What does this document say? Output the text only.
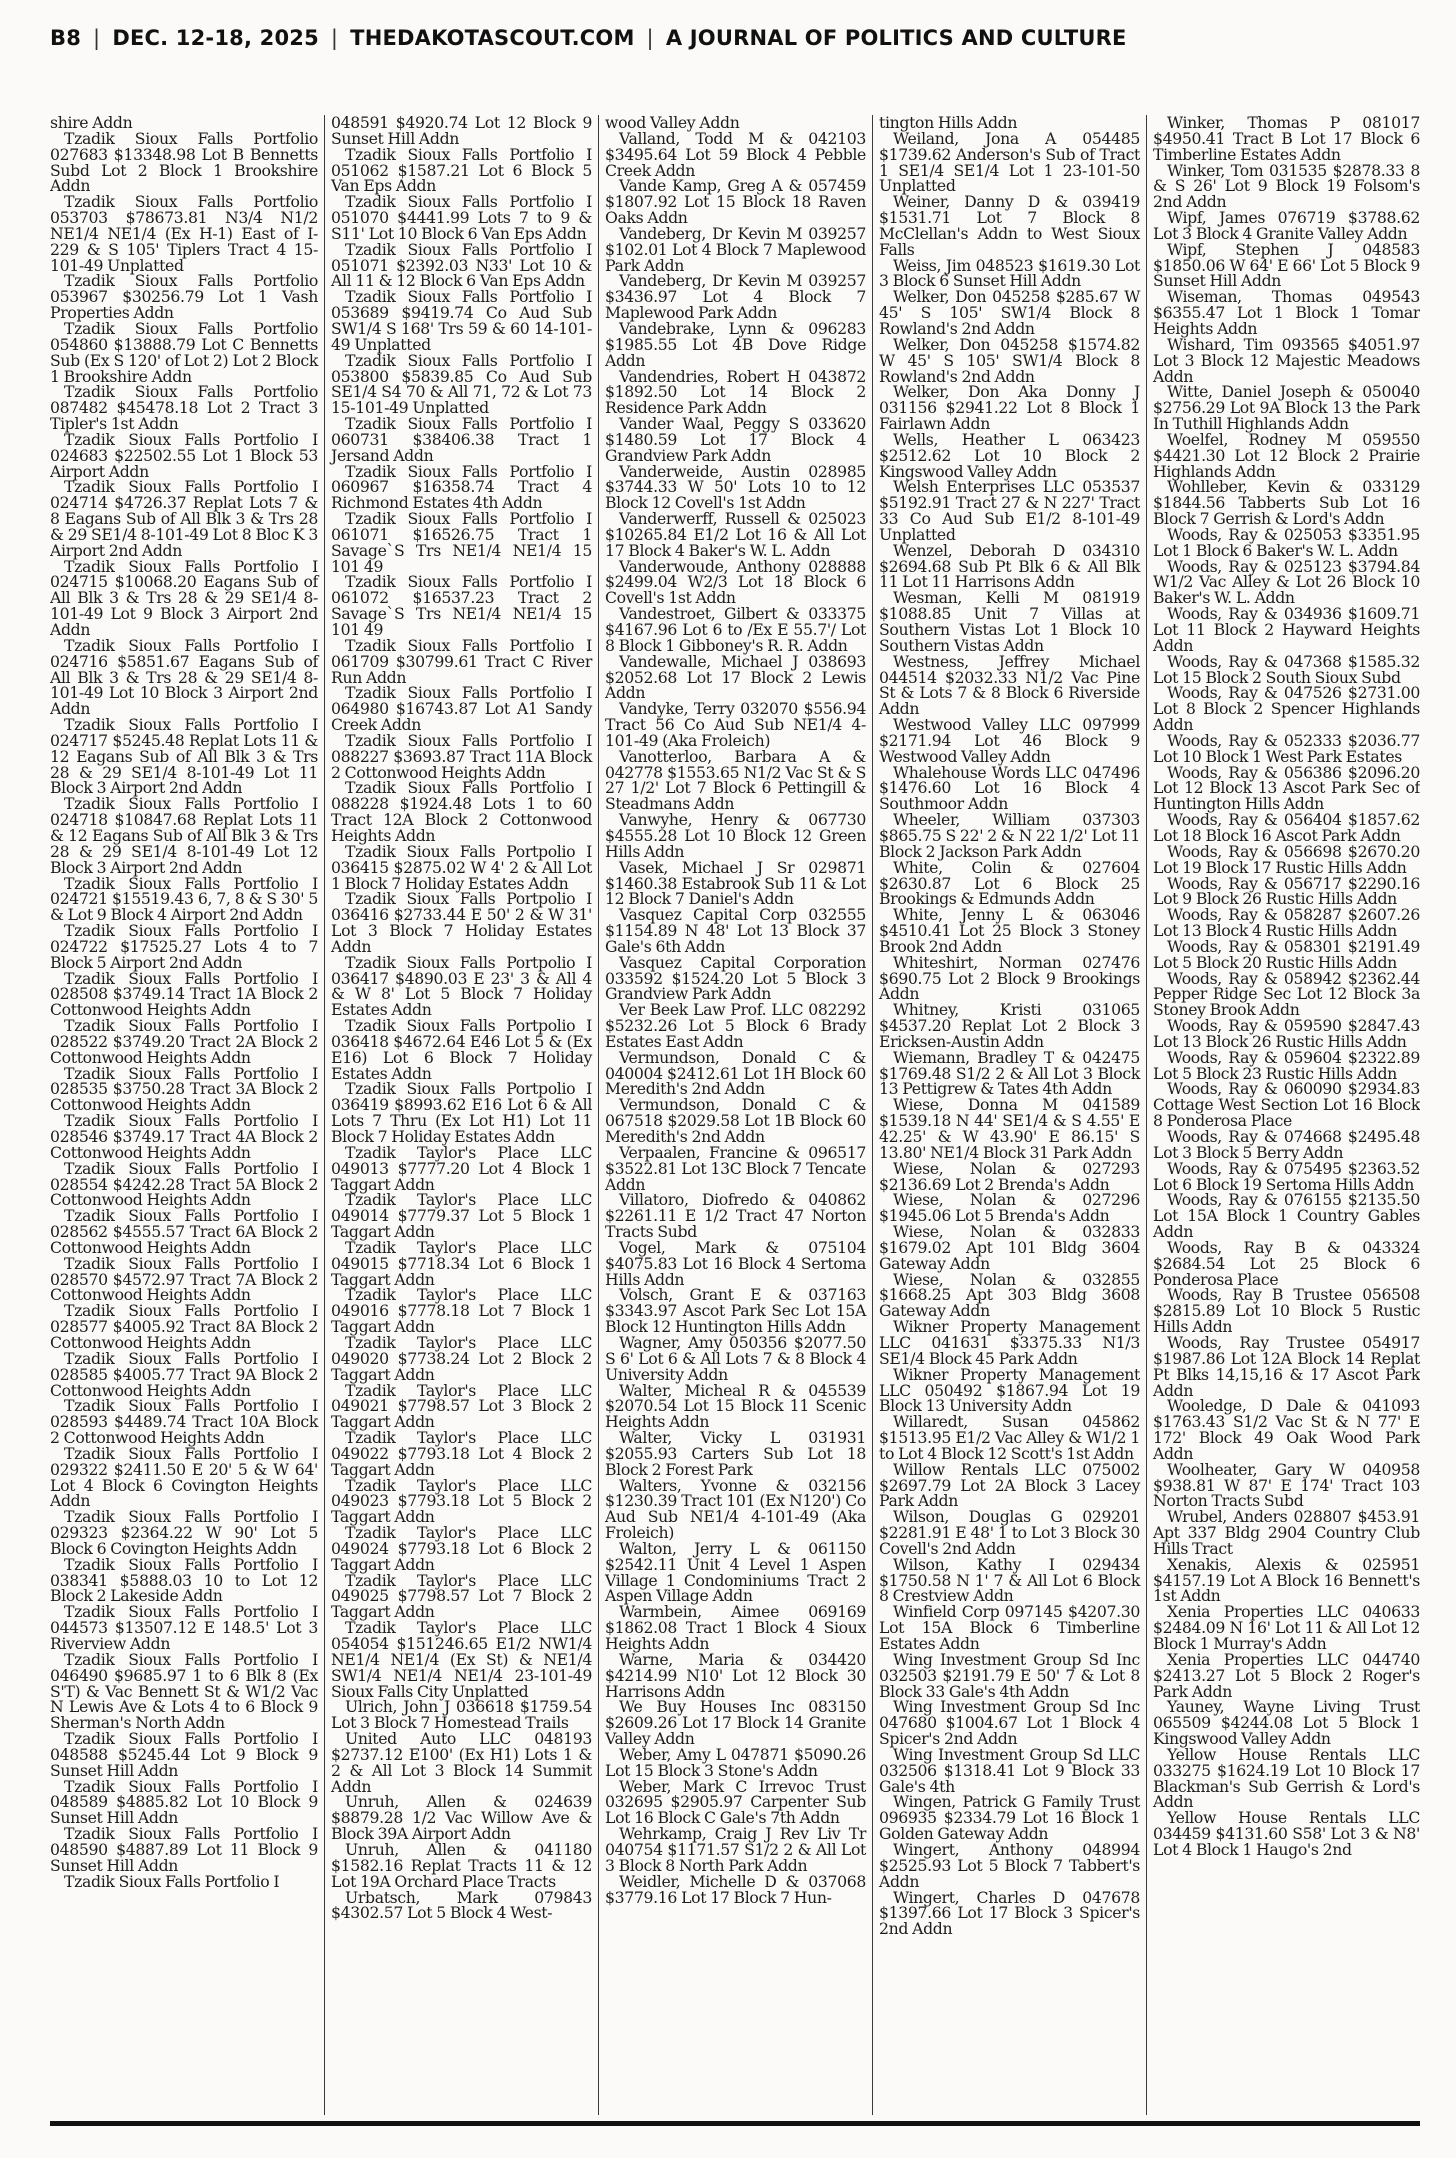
B8 | DEC. 12-18, 2025 | THEDAKOTASCOUT.COM | A JOURNAL OF POLITICS AND CULTURE

shire Addn

Tzadik Sioux Falls Portfolio 027683 $13348.98 Lot B Bennetts Subd Lot 2 Block 1 Brookshire Addn

Tzadik Sioux Falls Portfolio 053703 $78673.81 N3/4 N1/2 NE1/4 NE1/4 (Ex H-1) East of I-229 & S 105' Tiplers Tract 4 15-101-49 Unplatted

Tzadik Sioux Falls Portfolio 053967 $30256.79 Lot 1 Vash Properties Addn

Tzadik Sioux Falls Portfolio 054860 $13888.79 Lot C Bennetts Sub (Ex S 120' of Lot 2) Lot 2 Block 1 Brookshire Addn

Tzadik Sioux Falls Portfolio 087482 $45478.18 Lot 2 Tract 3 Tipler's 1st Addn

Tzadik Sioux Falls Portfolio I 024683 $22502.55 Lot 1 Block 53 Airport Addn

Tzadik Sioux Falls Portfolio I 024714 $4726.37 Replat Lots 7 & 8 Eagans Sub of All Blk 3 & Trs 28 & 29 SE1/4 8-101-49 Lot 8 Bloc K 3 Airport 2nd Addn

Tzadik Sioux Falls Portfolio I 024715 $10068.20 Eagans Sub of All Blk 3 & Trs 28 & 29 SE1/4 8-101-49 Lot 9 Block 3 Airport 2nd Addn

Tzadik Sioux Falls Portfolio I 024716 $5851.67 Eagans Sub of All Blk 3 & Trs 28 & 29 SE1/4 8-101-49 Lot 10 Block 3 Airport 2nd Addn

Tzadik Sioux Falls Portfolio I 024717 $5245.48 Replat Lots 11 & 12 Eagans Sub of All Blk 3 & Trs 28 & 29 SE1/4 8-101-49 Lot 11 Block 3 Airport 2nd Addn

Tzadik Sioux Falls Portfolio I 024718 $10847.68 Replat Lots 11 & 12 Eagans Sub of All Blk 3 & Trs 28 & 29 SE1/4 8-101-49 Lot 12 Block 3 Airport 2nd Addn

Tzadik Sioux Falls Portfolio I 024721 $15519.43 6, 7, 8 & S 30' 5 & Lot 9 Block 4 Airport 2nd Addn

Tzadik Sioux Falls Portfolio I 024722 $17525.27 Lots 4 to 7 Block 5 Airport 2nd Addn

Tzadik Sioux Falls Portfolio I 028508 $3749.14 Tract 1A Block 2 Cottonwood Heights Addn

Tzadik Sioux Falls Portfolio I 028522 $3749.20 Tract 2A Block 2 Cottonwood Heights Addn

Tzadik Sioux Falls Portfolio I 028535 $3750.28 Tract 3A Block 2 Cottonwood Heights Addn

Tzadik Sioux Falls Portfolio I 028546 $3749.17 Tract 4A Block 2 Cottonwood Heights Addn

Tzadik Sioux Falls Portfolio I 028554 $4242.28 Tract 5A Block 2 Cottonwood Heights Addn

Tzadik Sioux Falls Portfolio I 028562 $4555.57 Tract 6A Block 2 Cottonwood Heights Addn

Tzadik Sioux Falls Portfolio I 028570 $4572.97 Tract 7A Block 2 Cottonwood Heights Addn

Tzadik Sioux Falls Portfolio I 028577 $4005.92 Tract 8A Block 2 Cottonwood Heights Addn

Tzadik Sioux Falls Portfolio I 028585 $4005.77 Tract 9A Block 2 Cottonwood Heights Addn

Tzadik Sioux Falls Portfolio I 028593 $4489.74 Tract 10A Block 2 Cottonwood Heights Addn

Tzadik Sioux Falls Portfolio I 029322 $2411.50 E 20' 5 & W 64' Lot 4 Block 6 Covington Heights Addn

Tzadik Sioux Falls Portfolio I 029323 $2364.22 W 90' Lot 5 Block 6 Covington Heights Addn

Tzadik Sioux Falls Portfolio I 038341 $5888.03 10 to Lot 12 Block 2 Lakeside Addn

Tzadik Sioux Falls Portfolio I 044573 $13507.12 E 148.5' Lot 3 Riverview Addn

Tzadik Sioux Falls Portfolio I 046490 $9685.97 1 to 6 Blk 8 (Ex S'T) & Vac Bennett St & W1/2 Vac N Lewis Ave & Lots 4 to 6 Block 9 Sherman's North Addn

Tzadik Sioux Falls Portfolio I 048588 $5245.44 Lot 9 Block 9 Sunset Hill Addn

Tzadik Sioux Falls Portfolio I 048589 $4885.82 Lot 10 Block 9 Sunset Hill Addn

Tzadik Sioux Falls Portfolio I 048590 $4887.89 Lot 11 Block 9 Sunset Hill Addn

Tzadik Sioux Falls Portfolio I

048591 $4920.74 Lot 12 Block 9 Sunset Hill Addn

Tzadik Sioux Falls Portfolio I 051062 $1587.21 Lot 6 Block 5 Van Eps Addn

Tzadik Sioux Falls Portfolio I 051070 $4441.99 Lots 7 to 9 & S11' Lot 10 Block 6 Van Eps Addn

Tzadik Sioux Falls Portfolio I 051071 $2392.03 N33' Lot 10 & All 11 & 12 Block 6 Van Eps Addn

Tzadik Sioux Falls Portfolio I 053689 $9419.74 Co Aud Sub SW1/4 S 168' Trs 59 & 60 14-101-49 Unplatted

Tzadik Sioux Falls Portfolio I 053800 $5839.85 Co Aud Sub SE1/4 S4 70 & All 71, 72 & Lot 73 15-101-49 Unplatted

Tzadik Sioux Falls Portfolio I 060731 $38406.38 Tract 1 Jersand Addn

Tzadik Sioux Falls Portfolio I 060967 $16358.74 Tract 4 Richmond Estates 4th Addn

Tzadik Sioux Falls Portfolio I 061071 $16526.75 Tract 1 Savage`S Trs NE1/4 NE1/4 15 101 49

Tzadik Sioux Falls Portfolio I 061072 $16537.23 Tract 2 Savage`S Trs NE1/4 NE1/4 15 101 49

Tzadik Sioux Falls Portfolio I 061709 $30799.61 Tract C River Run Addn

Tzadik Sioux Falls Portfolio I 064980 $16743.87 Lot A1 Sandy Creek Addn

Tzadik Sioux Falls Portfolio I 088227 $3693.87 Tract 11A Block 2 Cottonwood Heights Addn

Tzadik Sioux Falls Portfolio I 088228 $1924.48 Lots 1 to 60 Tract 12A Block 2 Cottonwood Heights Addn

Tzadik Sioux Falls Portpolio I 036415 $2875.02 W 4' 2 & All Lot 1 Block 7 Holiday Estates Addn

Tzadik Sioux Falls Portpolio I 036416 $2733.44 E 50' 2 & W 31' Lot 3 Block 7 Holiday Estates Addn

Tzadik Sioux Falls Portpolio I 036417 $4890.03 E 23' 3 & All 4 & W 8' Lot 5 Block 7 Holiday Estates Addn

Tzadik Sioux Falls Portpolio I 036418 $4672.64 E46 Lot 5 & (Ex E16) Lot 6 Block 7 Holiday Estates Addn

Tzadik Sioux Falls Portpolio I 036419 $8993.62 E16 Lot 6 & All Lots 7 Thru (Ex Lot H1) Lot 11 Block 7 Holiday Estates Addn

Tzadik Taylor's Place LLC 049013 $7777.20 Lot 4 Block 1 Taggart Addn

Tzadik Taylor's Place LLC 049014 $7779.37 Lot 5 Block 1 Taggart Addn

Tzadik Taylor's Place LLC 049015 $7718.34 Lot 6 Block 1 Taggart Addn

Tzadik Taylor's Place LLC 049016 $7778.18 Lot 7 Block 1 Taggart Addn

Tzadik Taylor's Place LLC 049020 $7738.24 Lot 2 Block 2 Taggart Addn

Tzadik Taylor's Place LLC 049021 $7798.57 Lot 3 Block 2 Taggart Addn

Tzadik Taylor's Place LLC 049022 $7793.18 Lot 4 Block 2 Taggart Addn

Tzadik Taylor's Place LLC 049023 $7793.18 Lot 5 Block 2 Taggart Addn

Tzadik Taylor's Place LLC 049024 $7793.18 Lot 6 Block 2 Taggart Addn

Tzadik Taylor's Place LLC 049025 $7798.57 Lot 7 Block 2 Taggart Addn

Tzadik Taylor's Place LLC 054054 $151246.65 E1/2 NW1/4 NE1/4 NE1/4 (Ex St) & NE1/4 SW1/4 NE1/4 NE1/4 23-101-49 Sioux Falls City Unplatted

Ulrich, John J 036618 $1759.54 Lot 3 Block 7 Homestead Trails

United Auto LLC 048193 $2737.12 E100' (Ex H1) Lots 1 & 2 & All Lot 3 Block 14 Summit Addn

Unruh, Allen & 024639 $8879.28 1/2 Vac Willow Ave & Block 39A Airport Addn

Unruh, Allen & 041180 $1582.16 Replat Tracts 11 & 12 Lot 19A Orchard Place Tracts

Urbatsch, Mark 079843 $4302.57 Lot 5 Block 4 West-

wood Valley Addn

Valland, Todd M & 042103 $3495.64 Lot 59 Block 4 Pebble Creek Addn

Vande Kamp, Greg A & 057459 $1807.92 Lot 15 Block 18 Raven Oaks Addn

Vandeberg, Dr Kevin M 039257 $102.01 Lot 4 Block 7 Maplewood Park Addn

Vandeberg, Dr Kevin M 039257 $3436.97 Lot 4 Block 7 Maplewood Park Addn

Vandebrake, Lynn & 096283 $1985.55 Lot 4B Dove Ridge Addn

Vandendries, Robert H 043872 $1892.50 Lot 14 Block 2 Residence Park Addn

Vander Waal, Peggy S 033620 $1480.59 Lot 17 Block 4 Grandview Park Addn

Vanderweide, Austin 028985 $3744.33 W 50' Lots 10 to 12 Block 12 Covell's 1st Addn

Vanderwerff, Russell & 025023 $10265.84 E1/2 Lot 16 & All Lot 17 Block 4 Baker's W. L. Addn

Vanderwoude, Anthony 028888 $2499.04 W2/3 Lot 18 Block 6 Covell's 1st Addn

Vandestroet, Gilbert & 033375 $4167.96 Lot 6 to /Ex E 55.7'/ Lot 8 Block 1 Gibboney's R. R. Addn

Vandewalle, Michael J 038693 $2052.68 Lot 17 Block 2 Lewis Addn

Vandyke, Terry 032070 $556.94 Tract 56 Co Aud Sub NE1/4 4-101-49 (Aka Froleich)

Vanotterloo, Barbara A & 042778 $1553.65 N1/2 Vac St & S 27 1/2' Lot 7 Block 6 Pettingill & Steadmans Addn

Vanwyhe, Henry & 067730 $4555.28 Lot 10 Block 12 Green Hills Addn

Vasek, Michael J Sr 029871 $1460.38 Estabrook Sub 11 & Lot 12 Block 7 Daniel's Addn

Vasquez Capital Corp 032555 $1154.89 N 48' Lot 13 Block 37 Gale's 6th Addn

Vasquez Capital Corporation 033592 $1524.20 Lot 5 Block 3 Grandview Park Addn

Ver Beek Law Prof. LLC 082292 $5232.26 Lot 5 Block 6 Brady Estates East Addn

Vermundson, Donald C & 040004 $2412.61 Lot 1H Block 60 Meredith's 2nd Addn

Vermundson, Donald C & 067518 $2029.58 Lot 1B Block 60 Meredith's 2nd Addn

Verpaalen, Francine & 096517 $3522.81 Lot 13C Block 7 Tencate Addn

Villatoro, Diofredo & 040862 $2261.11 E 1/2 Tract 47 Norton Tracts Subd

Vogel, Mark & 075104 $4075.83 Lot 16 Block 4 Sertoma Hills Addn

Volsch, Grant E & 037163 $3343.97 Ascot Park Sec Lot 15A Block 12 Huntington Hills Addn

Wagner, Amy 050356 $2077.50 S 6' Lot 6 & All Lots 7 & 8 Block 4 University Addn

Walter, Micheal R & 045539 $2070.54 Lot 15 Block 11 Scenic Heights Addn

Walter, Vicky L 031931 $2055.93 Carters Sub Lot 18 Block 2 Forest Park

Walters, Yvonne & 032156 $1230.39 Tract 101 (Ex N120') Co Aud Sub NE1/4 4-101-49 (Aka Froleich)

Walton, Jerry L & 061150 $2542.11 Unit 4 Level 1 Aspen Village 1 Condominiums Tract 2 Aspen Village Addn

Warmbein, Aimee 069169 $1862.08 Tract 1 Block 4 Sioux Heights Addn

Warne, Maria & 034420 $4214.99 N10' Lot 12 Block 30 Harrisons Addn

We Buy Houses Inc 083150 $2609.26 Lot 17 Block 14 Granite Valley Addn

Weber, Amy L 047871 $5090.26 Lot 15 Block 3 Stone's Addn

Weber, Mark C Irrevoc Trust 032695 $2905.97 Carpenter Sub Lot 16 Block C Gale's 7th Addn

Wehrkamp, Craig J Rev Liv Tr 040754 $1171.57 S1/2 2 & All Lot 3 Block 8 North Park Addn

Weidler, Michelle D & 037068 $3779.16 Lot 17 Block 7 Hun-

tington Hills Addn

Weiland, Jona A 054485 $1739.62 Anderson's Sub of Tract 1 SE1/4 SE1/4 Lot 1 23-101-50 Unplatted

Weiner, Danny D & 039419 $1531.71 Lot 7 Block 8 McClellan's Addn to West Sioux Falls

Weiss, Jim 048523 $1619.30 Lot 3 Block 6 Sunset Hill Addn

Welker, Don 045258 $285.67 W 45' S 105' SW1/4 Block 8 Rowland's 2nd Addn

Welker, Don 045258 $1574.82 W 45' S 105' SW1/4 Block 8 Rowland's 2nd Addn

Welker, Don Aka Donny J 031156 $2941.22 Lot 8 Block 1 Fairlawn Addn

Wells, Heather L 063423 $2512.62 Lot 10 Block 2 Kingswood Valley Addn

Welsh Enterprises LLC 053537 $5192.91 Tract 27 & N 227' Tract 33 Co Aud Sub E1/2 8-101-49 Unplatted

Wenzel, Deborah D 034310 $2694.68 Sub Pt Blk 6 & All Blk 11 Lot 11 Harrisons Addn

Wesman, Kelli M 081919 $1088.85 Unit 7 Villas at Southern Vistas Lot 1 Block 10 Southern Vistas Addn

Westness, Jeffrey Michael 044514 $2032.33 N1/2 Vac Pine St & Lots 7 & 8 Block 6 Riverside Addn

Westwood Valley LLC 097999 $2171.94 Lot 46 Block 9 Westwood Valley Addn

Whalehouse Words LLC 047496 $1476.60 Lot 16 Block 4 Southmoor Addn

Wheeler, William 037303 $865.75 S 22' 2 & N 22 1/2' Lot 11 Block 2 Jackson Park Addn

White, Colin & 027604 $2630.87 Lot 6 Block 25 Brookings & Edmunds Addn

White, Jenny L & 063046 $4510.41 Lot 25 Block 3 Stoney Brook 2nd Addn

Whiteshirt, Norman 027476 $690.75 Lot 2 Block 9 Brookings Addn

Whitney, Kristi 031065 $4537.20 Replat Lot 2 Block 3 Ericksen-Austin Addn

Wiemann, Bradley T & 042475 $1769.48 S1/2 2 & All Lot 3 Block 13 Pettigrew & Tates 4th Addn

Wiese, Donna M 041589 $1539.18 N 44' SE1/4 & S 4.55' E 42.25' & W 43.90' E 86.15' S 13.80' NE1/4 Block 31 Park Addn

Wiese, Nolan & 027293 $2136.69 Lot 2 Brenda's Addn

Wiese, Nolan & 027296 $1945.06 Lot 5 Brenda's Addn

Wiese, Nolan & 032833 $1679.02 Apt 101 Bldg 3604 Gateway Addn

Wiese, Nolan & 032855 $1668.25 Apt 303 Bldg 3608 Gateway Addn

Wikner Property Management LLC 041631 $3375.33 N1/3 SE1/4 Block 45 Park Addn

Wikner Property Management LLC 050492 $1867.94 Lot 19 Block 13 University Addn

Willaredt, Susan 045862 $1513.95 E1/2 Vac Alley & W1/2 1 to Lot 4 Block 12 Scott's 1st Addn

Willow Rentals LLC 075002 $2697.79 Lot 2A Block 3 Lacey Park Addn

Wilson, Douglas G 029201 $2281.91 E 48' 1 to Lot 3 Block 30 Covell's 2nd Addn

Wilson, Kathy I 029434 $1750.58 N 1' 7 & All Lot 6 Block 8 Crestview Addn

Winfield Corp 097145 $4207.30 Lot 15A Block 6 Timberline Estates Addn

Wing Investment Group Sd Inc 032503 $2191.79 E 50' 7 & Lot 8 Block 33 Gale's 4th Addn

Wing Investment Group Sd Inc 047680 $1004.67 Lot 1 Block 4 Spicer's 2nd Addn

Wing Investment Group Sd LLC 032506 $1318.41 Lot 9 Block 33 Gale's 4th

Wingen, Patrick G Family Trust 096935 $2334.79 Lot 16 Block 1 Golden Gateway Addn

Wingert, Anthony 048994 $2525.93 Lot 5 Block 7 Tabbert's Addn

Wingert, Charles D 047678 $1397.66 Lot 17 Block 3 Spicer's 2nd Addn

Winker, Thomas P 081017 $4950.41 Tract B Lot 17 Block 6 Timberline Estates Addn

Winker, Tom 031535 $2878.33 8 & S 26' Lot 9 Block 19 Folsom's 2nd Addn

Wipf, James 076719 $3788.62 Lot 3 Block 4 Granite Valley Addn

Wipf, Stephen J 048583 $1850.06 W 64' E 66' Lot 5 Block 9 Sunset Hill Addn

Wiseman, Thomas 049543 $6355.47 Lot 1 Block 1 Tomar Heights Addn

Wishard, Tim 093565 $4051.97 Lot 3 Block 12 Majestic Meadows Addn

Witte, Daniel Joseph & 050040 $2756.29 Lot 9A Block 13 the Park In Tuthill Highlands Addn

Woelfel, Rodney M 059550 $4421.30 Lot 12 Block 2 Prairie Highlands Addn

Wohlleber, Kevin & 033129 $1844.56 Tabberts Sub Lot 16 Block 7 Gerrish & Lord's Addn

Woods, Ray & 025053 $3351.95 Lot 1 Block 6 Baker's W. L. Addn

Woods, Ray & 025123 $3794.84 W1/2 Vac Alley & Lot 26 Block 10 Baker's W. L. Addn

Woods, Ray & 034936 $1609.71 Lot 11 Block 2 Hayward Heights Addn

Woods, Ray & 047368 $1585.32 Lot 15 Block 2 South Sioux Subd

Woods, Ray & 047526 $2731.00 Lot 8 Block 2 Spencer Highlands Addn

Woods, Ray & 052333 $2036.77 Lot 10 Block 1 West Park Estates

Woods, Ray & 056386 $2096.20 Lot 12 Block 13 Ascot Park Sec of Huntington Hills Addn

Woods, Ray & 056404 $1857.62 Lot 18 Block 16 Ascot Park Addn

Woods, Ray & 056698 $2670.20 Lot 19 Block 17 Rustic Hills Addn

Woods, Ray & 056717 $2290.16 Lot 9 Block 26 Rustic Hills Addn

Woods, Ray & 058287 $2607.26 Lot 13 Block 4 Rustic Hills Addn

Woods, Ray & 058301 $2191.49 Lot 5 Block 20 Rustic Hills Addn

Woods, Ray & 058942 $2362.44 Pepper Ridge Sec Lot 12 Block 3a Stoney Brook Addn

Woods, Ray & 059590 $2847.43 Lot 13 Block 26 Rustic Hills Addn

Woods, Ray & 059604 $2322.89 Lot 5 Block 23 Rustic Hills Addn

Woods, Ray & 060090 $2934.83 Cottage West Section Lot 16 Block 8 Ponderosa Place

Woods, Ray & 074668 $2495.48 Lot 3 Block 5 Berry Addn

Woods, Ray & 075495 $2363.52 Lot 6 Block 19 Sertoma Hills Addn

Woods, Ray & 076155 $2135.50 Lot 15A Block 1 Country Gables Addn

Woods, Ray B & 043324 $2684.54 Lot 25 Block 6 Ponderosa Place

Woods, Ray B Trustee 056508 $2815.89 Lot 10 Block 5 Rustic Hills Addn

Woods, Ray Trustee 054917 $1987.86 Lot 12A Block 14 Replat Pt Blks 14,15,16 & 17 Ascot Park Addn

Wooledge, D Dale & 041093 $1763.43 S1/2 Vac St & N 77' E 172' Block 49 Oak Wood Park Addn

Woolheater, Gary W 040958 $938.81 W 87' E 174' Tract 103 Norton Tracts Subd

Wrubel, Anders 028807 $453.91 Apt 337 Bldg 2904 Country Club Hills Tract

Xenakis, Alexis & 025951 $4157.19 Lot A Block 16 Bennett's 1st Addn

Xenia Properties LLC 040633 $2484.09 N 16' Lot 11 & All Lot 12 Block 1 Murray's Addn

Xenia Properties LLC 044740 $2413.27 Lot 5 Block 2 Roger's Park Addn

Yauney, Wayne Living Trust 065509 $4244.08 Lot 5 Block 1 Kingswood Valley Addn

Yellow House Rentals LLC 033275 $1624.19 Lot 10 Block 17 Blackman's Sub Gerrish & Lord's Addn

Yellow House Rentals LLC 034459 $4131.60 S58' Lot 3 & N8' Lot 4 Block 1 Haugo's 2nd
